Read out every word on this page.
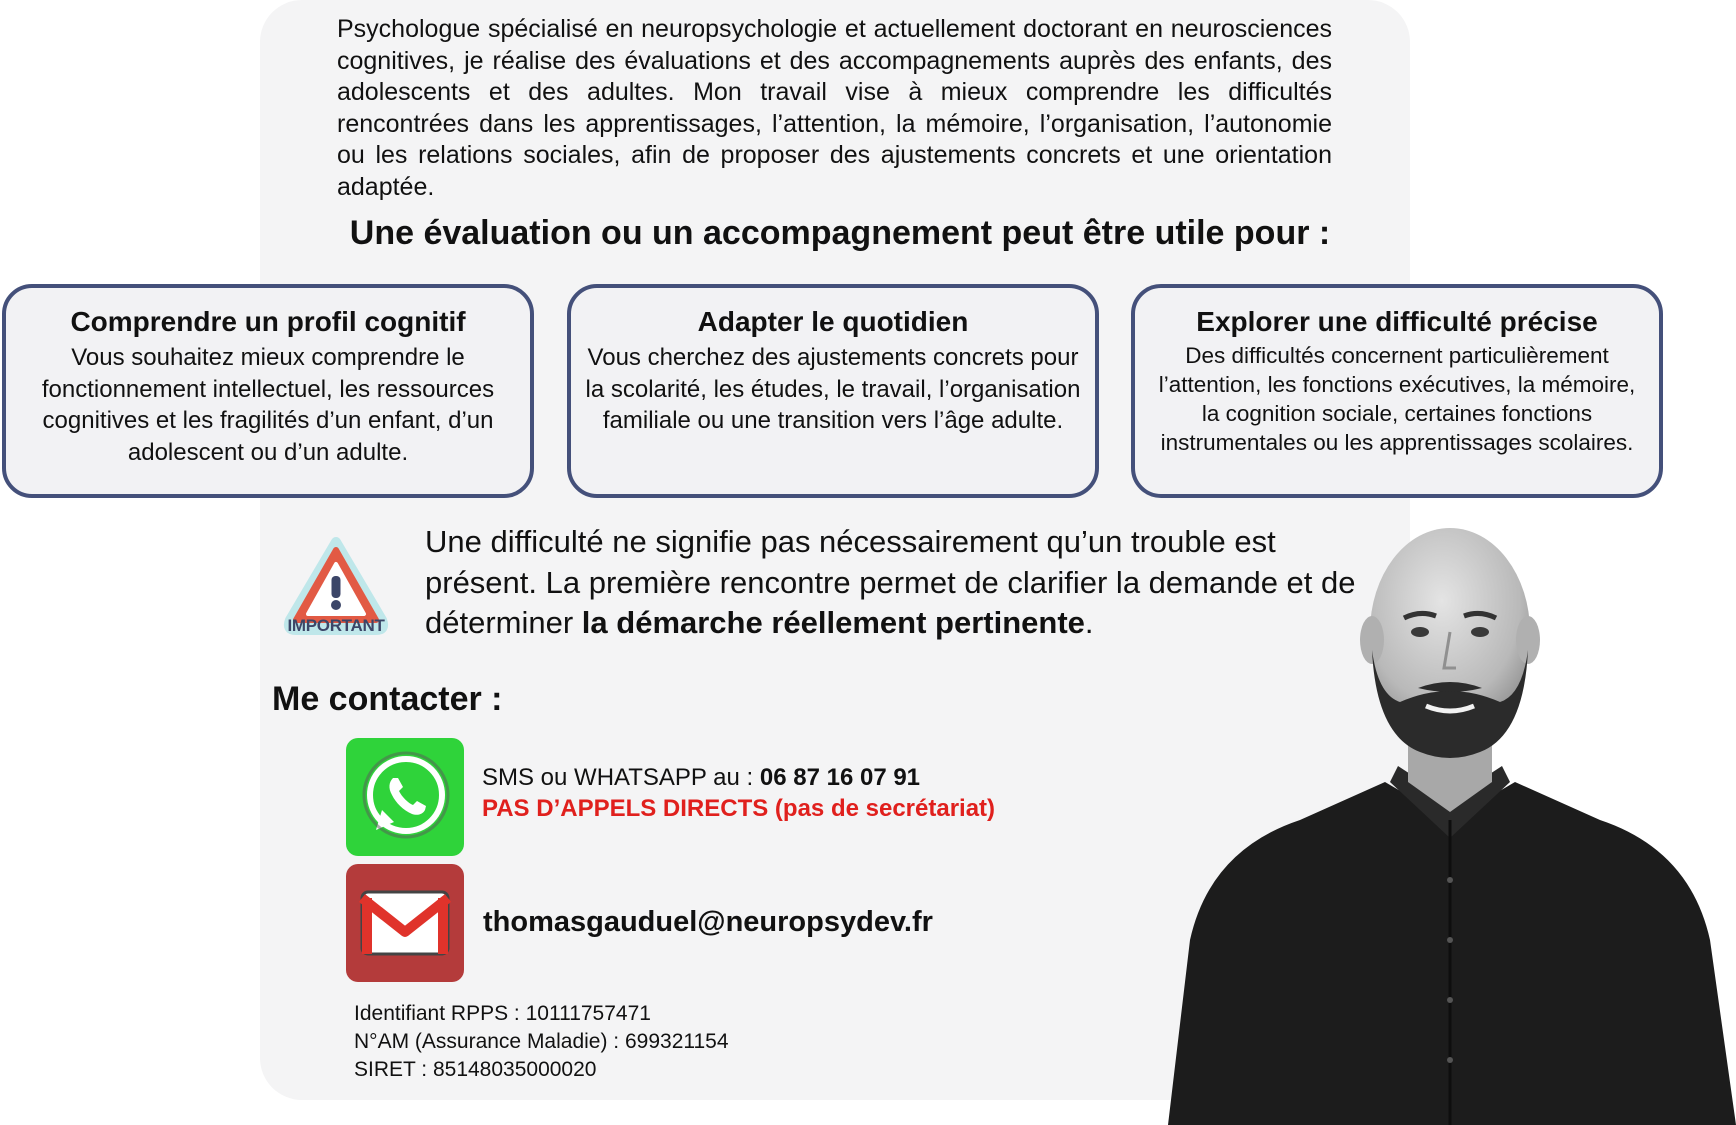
Psychologue spécialisé en neuropsychologie et actuellement doctorant en neurosciences cognitives, je réalise des évaluations et des accompagnements auprès des enfants, des adolescents et des adultes. Mon travail vise à mieux comprendre les difficultés rencontrées dans les apprentissages, l’attention, la mémoire, l’organisation, l’autonomie ou les relations sociales, afin de proposer des ajustements concrets et une orientation adaptée.

Une évaluation ou un accompagnement peut être utile pour :
Comprendre un profil cognitif

Vous souhaitez mieux comprendre le fonctionnement intellectuel, les ressources cognitives et les fragilités d’un enfant, d’un adolescent ou d’un adulte.

Adapter le quotidien

Vous cherchez des ajustements concrets pour la scolarité, les études, le travail, l’organisation familiale ou une transition vers l’âge adulte.

Explorer une difficulté précise

Des difficultés concernent particulièrement l’attention, les fonctions exécutives, la mémoire, la cognition sociale, certaines fonctions instrumentales ou les apprentissages scolaires.

IMPORTANT

Une difficulté ne signifie pas nécessairement qu’un trouble est présent. La première rencontre permet de clarifier la demande et de déterminer la démarche réellement pertinente.

Me contacter :
SMS ou WHATSAPP au : 06 87 16 07 91
PAS D’APPELS DIRECTS (pas de secrétariat)
thomasgauduel@neuropsydev.fr
Identifiant RPPS : 10111757471
N°AM (Assurance Maladie) : 699321154
SIRET : 85148035000020
